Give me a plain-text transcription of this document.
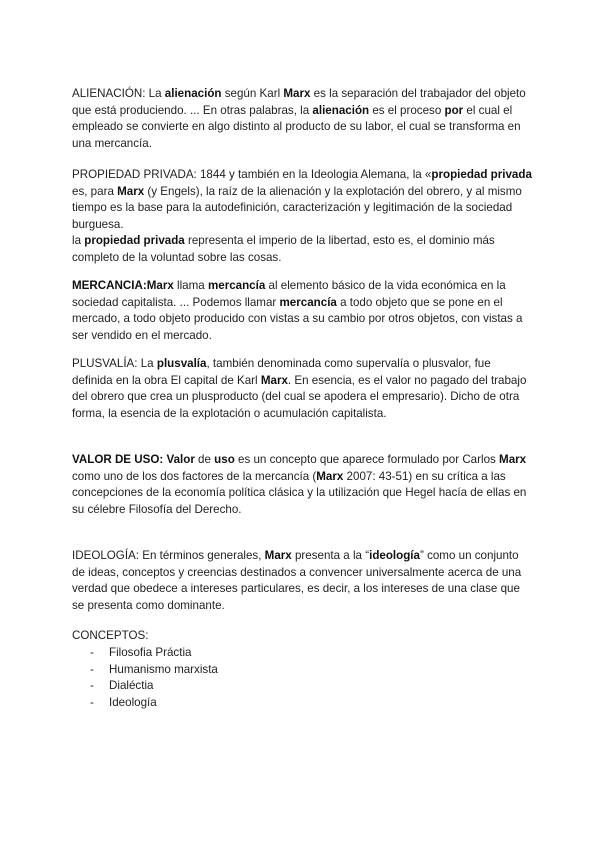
ALIENACIÓN: La alienación según Karl Marx es la separación del trabajador del objeto que está produciendo. ... En otras palabras, la alienación es el proceso por el cual el empleado se convierte en algo distinto al producto de su labor, el cual se transforma en una mercancía.

PROPIEDAD PRIVADA: 1844 y también en la Ideologia Alemana, la «propiedad privada es, para Marx (y Engels), la raíz de la alienación y la explotación del obrero, y al mismo tiempo es la base para la autodefinición, caracterización y legitimación de la sociedad burguesa.
la propiedad privada representa el imperio de la libertad, esto es, el dominio más completo de la voluntad sobre las cosas.

MERCANCIA:Marx llama mercancía al elemento básico de la vida económica en la sociedad capitalista. ... Podemos llamar mercancía a todo objeto que se pone en el mercado, a todo objeto producido con vistas a su cambio por otros objetos, con vistas a ser vendido en el mercado.

PLUSVALÍA: La plusvalía, también denominada como supervalía o plusvalor, fue definida en la obra El capital de Karl Marx. En esencia, es el valor no pagado del trabajo del obrero que crea un plusproducto (del cual se apodera el empresario). Dicho de otra forma, la esencia de la explotación o acumulación capitalista.

VALOR DE USO: Valor de uso es un concepto que aparece formulado por Carlos Marx como uno de los dos factores de la mercancía (Marx 2007: 43-51) en su crítica a las concepciones de la economía política clásica y la utilización que Hegel hacía de ellas en su célebre Filosofía del Derecho.

IDEOLOGÍA: En términos generales, Marx presenta a la “ideología” como un conjunto de ideas, conceptos y creencias destinados a convencer universalmente acerca de una verdad que obedece a intereses particulares, es decir, a los intereses de una clase que se presenta como dominante.

CONCEPTOS:

- Filosofia Práctia
- Humanismo marxista
- Dialéctia
- Ideología
